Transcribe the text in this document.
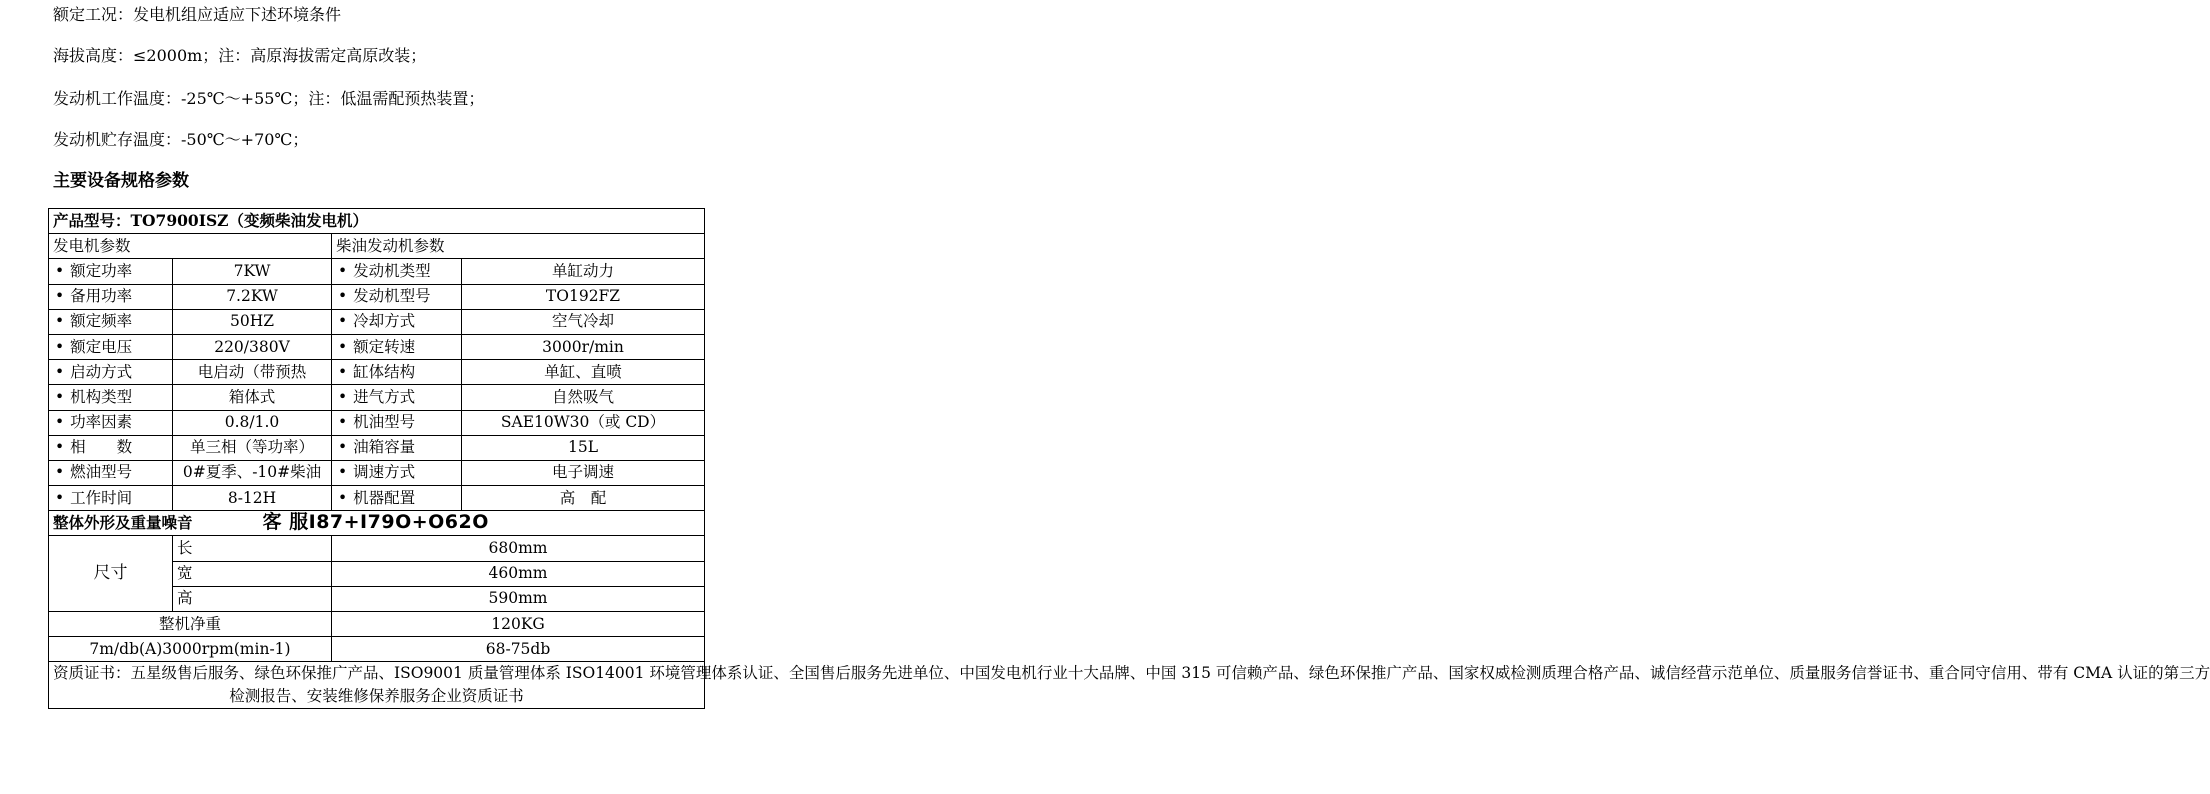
额定工况：发电机组应适应下述环境条件
海拔高度：≤2000m；注：高原海拔需定高原改装；
发动机工作温度：-25℃～+55℃；注：低温需配预热装置；
发动机贮存温度：-50℃～+70℃；
主要设备规格参数
产品型号：TO7900ISZ（变频柴油发电机）			
发电机参数		柴油发动机参数	
• 额定功率	7KW	• 发动机类型	单缸动力
• 备用功率	7.2KW	• 发动机型号	TO192FZ
• 额定频率	50HZ	• 冷却方式	空气冷却
• 额定电压	220/380V	• 额定转速	3000r/min
• 启动方式	电启动（带预热	• 缸体结构	单缸、直喷
• 机构类型	箱体式	• 进气方式	自然吸气
• 功率因素	0.8/1.0	• 机油型号	SAE10W30（或 CD）
• 相　　数	单三相（等功率）	• 油箱容量	15L
• 燃油型号	0#夏季、-10#柴油	• 调速方式	电子调速
• 工作时间	8-12H	• 机器配置	高　配
整体外形及重量噪音 客 服I87+I79O+O62O			
尺寸	长	680mm	
	宽	460mm	
	高	590mm	
整机净重		120KG	
7m/db(A)3000rpm(min-1)		68-75db	
资质证书：五星级售后服务、绿色环保推广产品、ISO9001 质量管理体系 ISO14001 环境管理体系认证、全国售后服务先进单位、中国发电机行业十大品牌、中国 315 可信赖产品、绿色环保推广产品、国家权威检测质理合格产品、诚信经营示范单位、质量服务信誉证书、重合同守信用、带有 CMA 认证的第三方
检测报告、安装维修保养服务企业资质证书			
